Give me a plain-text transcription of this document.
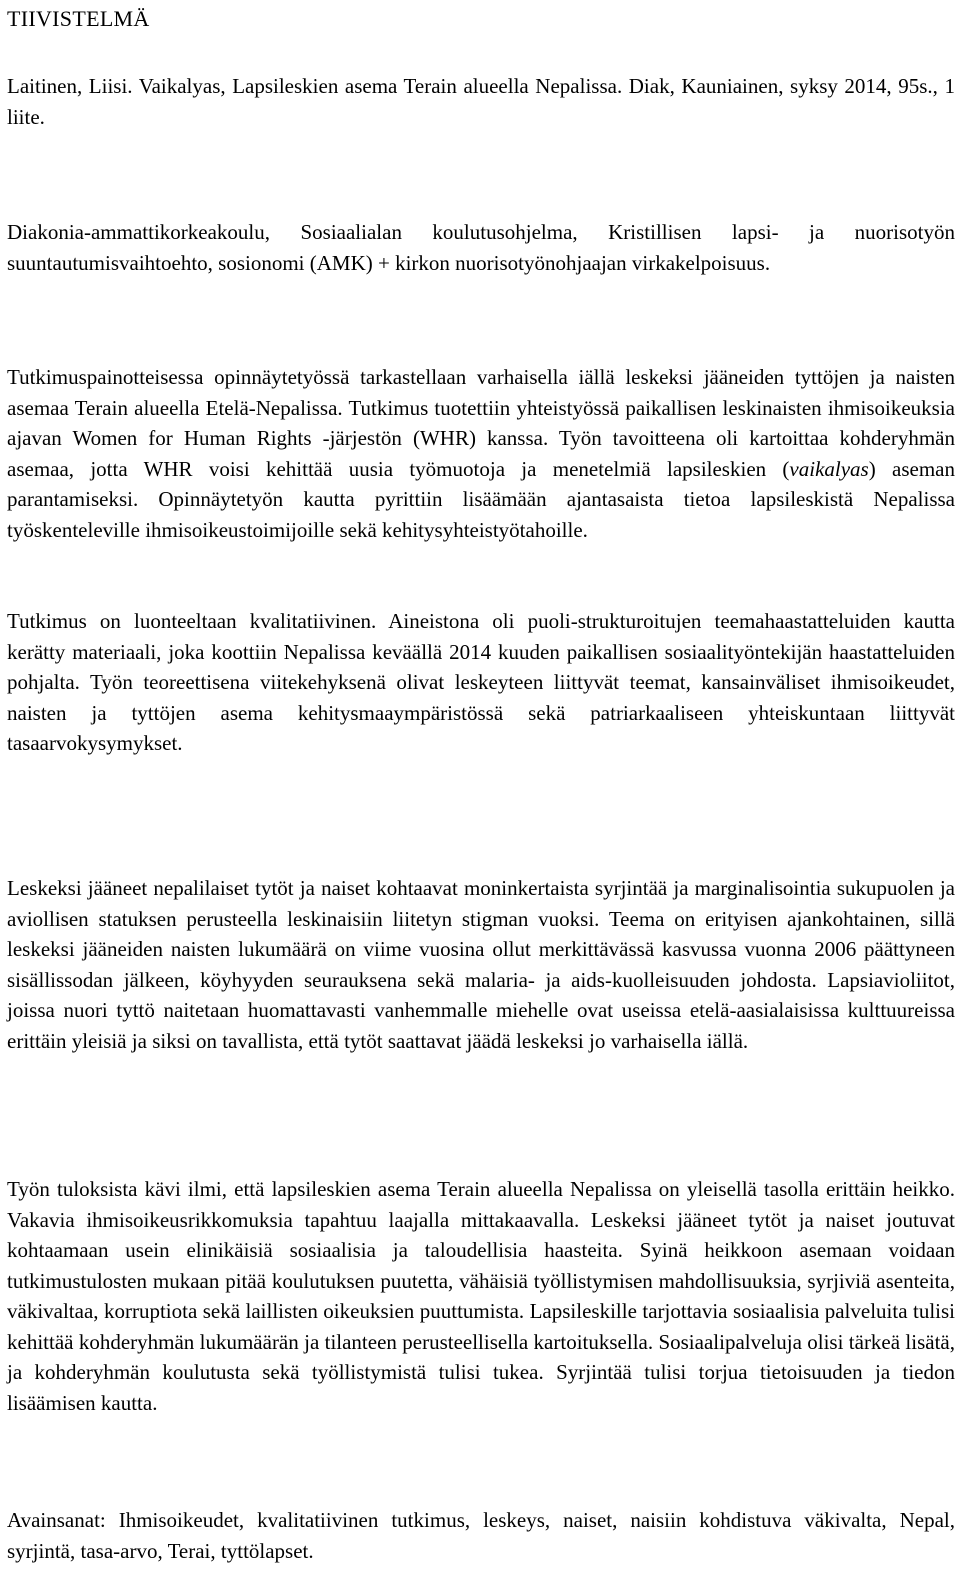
TIIVISTELMÄ

Laitinen, Liisi. Vaikalyas, Lapsileskien asema Terain alueella Nepalissa. Diak, Kauniainen, syksy 2014, 95s., 1 liite.

Diakonia-ammattikorkeakoulu, Sosiaalialan koulutusohjelma, Kristillisen lapsi- ja nuorisotyön suuntautumisvaihtoehto, sosionomi (AMK) + kirkon nuorisotyönohjaajan virkakelpoisuus.

Tutkimuspainotteisessa opinnäytetyössä tarkastellaan varhaisella iällä leskeksi jääneiden tyttöjen ja naisten asemaa Terain alueella Etelä-Nepalissa. Tutkimus tuotettiin yhteistyössä paikallisen leskinaisten ihmisoikeuksia ajavan Women for Human Rights -järjestön (WHR) kanssa. Työn tavoitteena oli kartoittaa kohderyhmän asemaa, jotta WHR voisi kehittää uusia työmuotoja ja menetelmiä lapsileskien (vaikalyas) aseman parantamiseksi. Opinnäytetyön kautta pyrittiin lisäämään ajantasaista tietoa lapsileskistä Nepalissa työskenteleville ihmisoikeustoimijoille sekä kehitysyhteistyötahoille.

Tutkimus on luonteeltaan kvalitatiivinen. Aineistona oli puoli-strukturoitujen teemahaastatteluiden kautta kerätty materiaali, joka koottiin Nepalissa keväällä 2014 kuuden paikallisen sosiaalityöntekijän haastatteluiden pohjalta. Työn teoreettisena viitekehyksenä olivat leskeyteen liittyvät teemat, kansainväliset ihmisoikeudet, naisten ja tyttöjen asema kehitysmaaympäristössä sekä patriarkaaliseen yhteiskuntaan liittyvät tasaarvokysymykset.

Leskeksi jääneet nepalilaiset tytöt ja naiset kohtaavat moninkertaista syrjintää ja marginalisointia sukupuolen ja aviollisen statuksen perusteella leskinaisiin liitetyn stigman vuoksi. Teema on erityisen ajankohtainen, sillä leskeksi jääneiden naisten lukumäärä on viime vuosina ollut merkittävässä kasvussa vuonna 2006 päättyneen sisällissodan jälkeen, köyhyyden seurauksena sekä malaria- ja aids-kuolleisuuden johdosta. Lapsiavioliitot, joissa nuori tyttö naitetaan huomattavasti vanhemmalle miehelle ovat useissa etelä-aasialaisissa kulttuureissa erittäin yleisiä ja siksi on tavallista, että tytöt saattavat jäädä leskeksi jo varhaisella iällä.

Työn tuloksista kävi ilmi, että lapsileskien asema Terain alueella Nepalissa on yleisellä tasolla erittäin heikko. Vakavia ihmisoikeusrikkomuksia tapahtuu laajalla mittakaavalla. Leskeksi jääneet tytöt ja naiset joutuvat kohtaamaan usein elinikäisiä sosiaalisia ja taloudellisia haasteita. Syinä heikkoon asemaan voidaan tutkimustulosten mukaan pitää koulutuksen puutetta, vähäisiä työllistymisen mahdollisuuksia, syrjiviä asenteita, väkivaltaa, korruptiota sekä laillisten oikeuksien puuttumista. Lapsileskille tarjottavia sosiaalisia palveluita tulisi kehittää kohderyhmän lukumäärän ja tilanteen perusteellisella kartoituksella. Sosiaalipalveluja olisi tärkeä lisätä, ja kohderyhmän koulutusta sekä työllistymistä tulisi tukea. Syrjintää tulisi torjua tietoisuuden ja tiedon lisäämisen kautta.

Avainsanat: Ihmisoikeudet, kvalitatiivinen tutkimus, leskeys, naiset, naisiin kohdistuva väkivalta, Nepal, syrjintä, tasa-arvo, Terai, tyttölapset.
